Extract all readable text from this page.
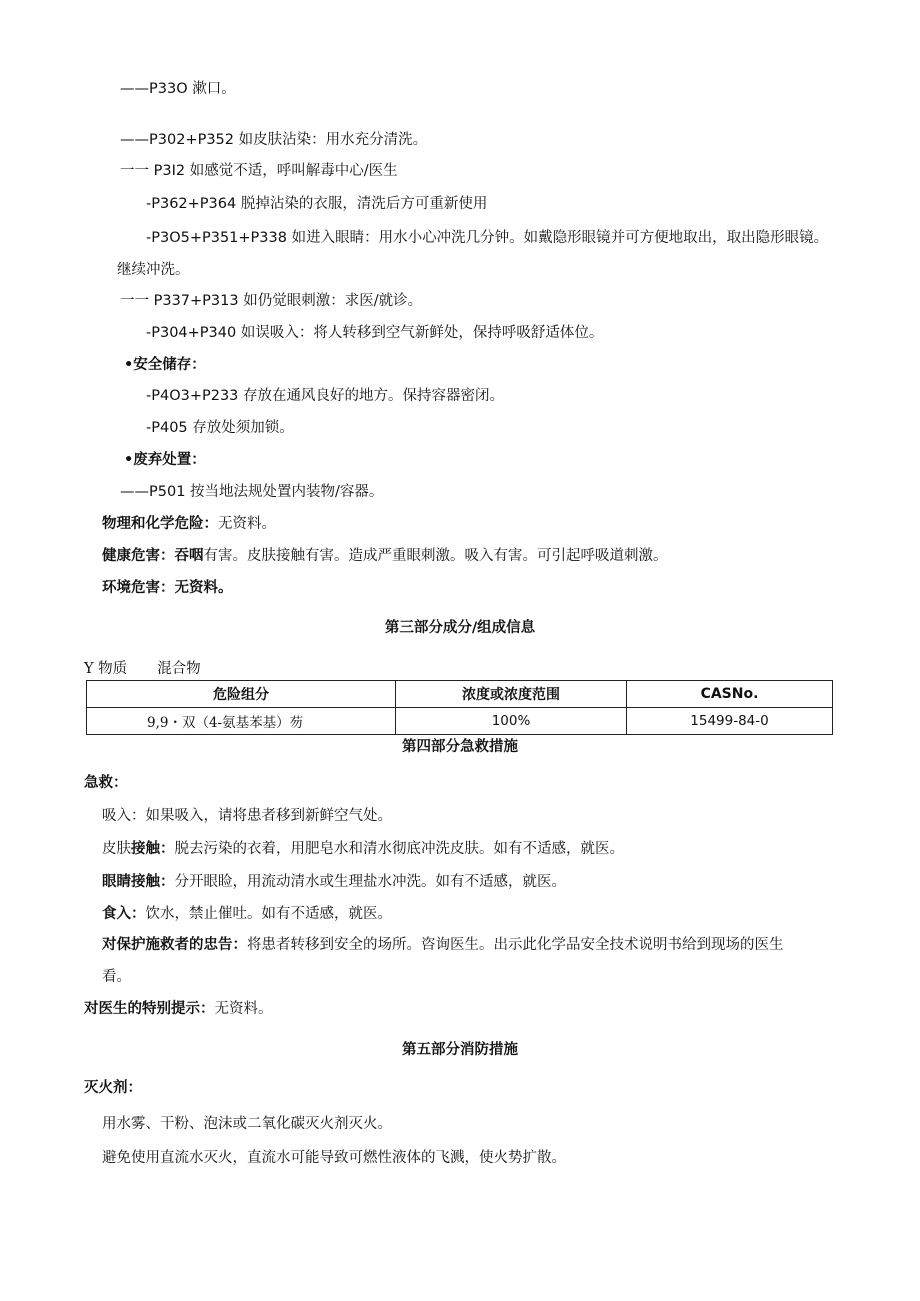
——P33O 漱口。
——P302+P352 如皮肤沾染：用水充分清洗。
一一 P3I2 如感觉不适，呼叫解毒中心/医生
-P362+P364 脱掉沾染的衣服，清洗后方可重新使用
-P3O5+P351+P338 如进入眼睛：用水小心冲洗几分钟。如戴隐形眼镜并可方便地取出，取出隐形眼镜。
继续冲洗。
一一 P337+P313 如仍觉眼刺激：求医/就诊。
-P304+P340 如误吸入：将人转移到空气新鲜处，保持呼吸舒适体位。
•安全储存：
-P4O3+P233 存放在通风良好的地方。保持容器密闭。
-P405 存放处须加锁。
•废弃处置：
——P501 按当地法规处置内装物/容器。
物理和化学危险：无资料。
健康危害：吞咽有害。皮肤接触有害。造成严重眼刺激。吸入有害。可引起呼吸道刺激。
环境危害：无资料。
第三部分成分/组成信息
Y 物质 混合物
危险组分	浓度或浓度范围	CASNo.
9,9・双（4-氨基苯基）芴	100%	15499-84-0
第四部分急救措施
急救：
吸入：如果吸入，请将患者移到新鲜空气处。
皮肤接触：脱去污染的衣着，用肥皂水和清水彻底冲洗皮肤。如有不适感，就医。
眼睛接触：分开眼睑，用流动清水或生理盐水冲洗。如有不适感，就医。
食入：饮水，禁止催吐。如有不适感，就医。
对保护施救者的忠告：将患者转移到安全的场所。咨询医生。出示此化学品安全技术说明书给到现场的医生
看。
对医生的特别提示：无资料。
第五部分消防措施
灭火剂：
用水雾、干粉、泡沫或二氧化碳灭火剂灭火。
避免使用直流水灭火，直流水可能导致可燃性液体的飞溅，使火势扩散。
